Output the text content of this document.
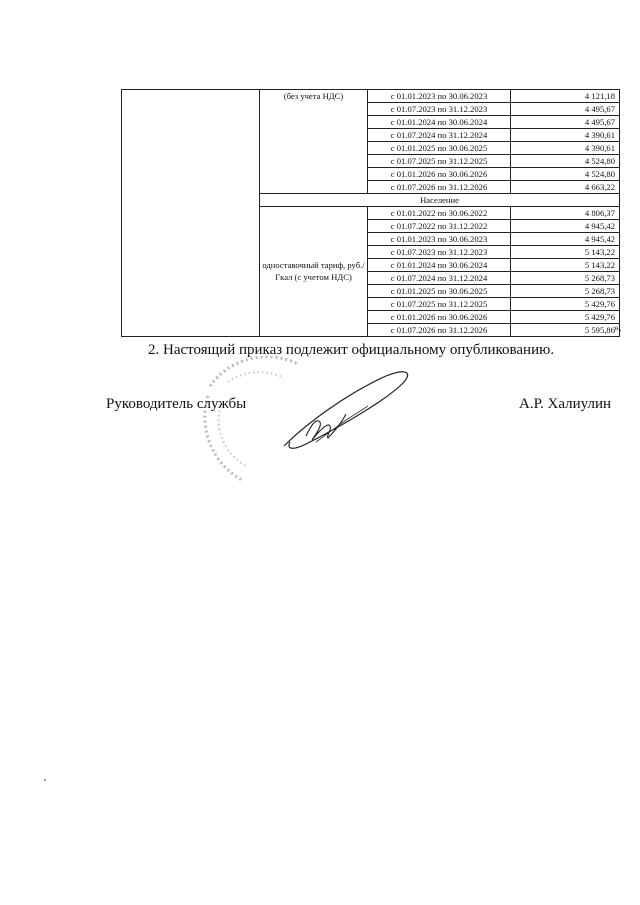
	(без учета НДС)	с 01.01.2023 по 30.06.2023	4 121,18
		с 01.07.2023 по 31.12.2023	4 495,67
		с 01.01.2024 по 30.06.2024	4 495,67
		с 01.07.2024 по 31.12.2024	4 390,61
		с 01.01.2025 по 30.06.2025	4 390,61
		с 01.07.2025 по 31.12.2025	4 524,80
		с 01.01.2026 по 30.06.2026	4 524,80
		с 01.07.2026 по 31.12.2026	4 663,22
	Население		
	одноставочный тариф, руб./Гкал (с учетом НДС)	с 01.01.2022 по 30.06.2022	4 806,37
		с 01.07.2022 по 31.12.2022	4 945,42
		с 01.01.2023 по 30.06.2023	4 945,42
		с 01.07.2023 по 31.12.2023	5 143,22
		с 01.01.2024 по 30.06.2024	5 143,22
		с 01.07.2024 по 31.12.2024	5 268,73
		с 01.01.2025 по 30.06.2025	5 268,73
		с 01.07.2025 по 31.12.2025	5 429,76
		с 01.01.2026 по 30.06.2026	5 429,76
		с 01.07.2026 по 31.12.2026	5 595,86 ».
2. Настоящий приказ подлежит официальному опубликованию.
Руководитель службы	А.Р. Халиулин
